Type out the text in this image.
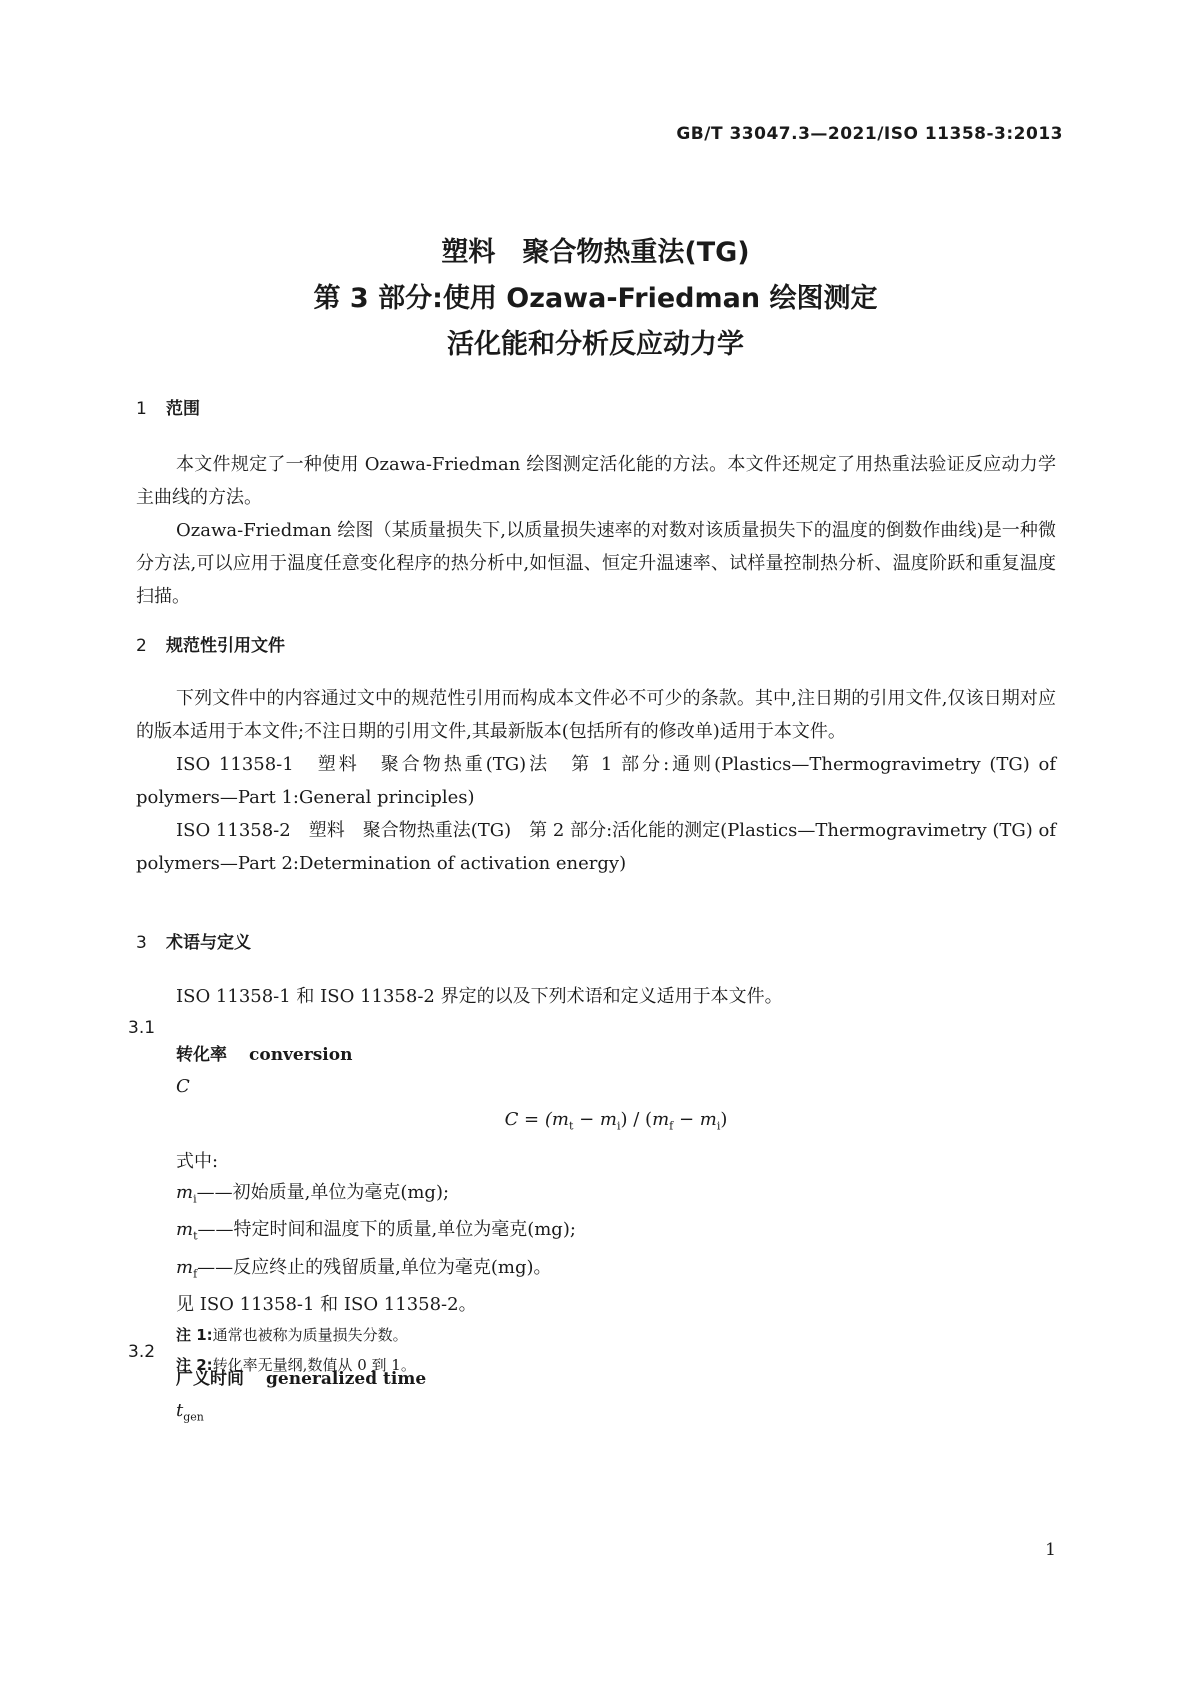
GB/T 33047.3—2021/ISO 11358-3:2013
塑料　聚合物热重法(TG)
第 3 部分:使用 Ozawa-Friedman 绘图测定
活化能和分析反应动力学
1 范围

本文件规定了一种使用 Ozawa-Friedman 绘图测定活化能的方法。本文件还规定了用热重法验证反应动力学主曲线的方法。

Ozawa-Friedman 绘图（某质量损失下,以质量损失速率的对数对该质量损失下的温度的倒数作曲线)是一种微分方法,可以应用于温度任意变化程序的热分析中,如恒温、恒定升温速率、试样量控制热分析、温度阶跃和重复温度扫描。

2 规范性引用文件

下列文件中的内容通过文中的规范性引用而构成本文件必不可少的条款。其中,注日期的引用文件,仅该日期对应的版本适用于本文件;不注日期的引用文件,其最新版本(包括所有的修改单)适用于本文件。

ISO 11358-1　塑料　聚合物热重(TG)法　第 1 部分:通则(Plastics—Thermogravimetry (TG) of polymers—Part 1:General principles)

ISO 11358-2　塑料　聚合物热重法(TG)　第 2 部分:活化能的测定(Plastics—Thermogravimetry (TG) of polymers—Part 2:Determination of activation energy)

3 术语与定义

ISO 11358-1 和 ISO 11358-2 界定的以及下列术语和定义适用于本文件。

3.1
转化率 conversion
C
$C = (m_t - m_i) / (m_f - m_i)$
式中:
$m_i——$初始质量,单位为毫克(mg);
$m_t——$特定时间和温度下的质量,单位为毫克(mg);
$m_f——$反应终止的残留质量,单位为毫克(mg)。
见 ISO 11358-1 和 ISO 11358-2。
注 1:通常也被称为质量损失分数。
注 2:转化率无量纲,数值从 0 到 1。
3.2
广义时间 generalized time
$t_{gen}$
1
